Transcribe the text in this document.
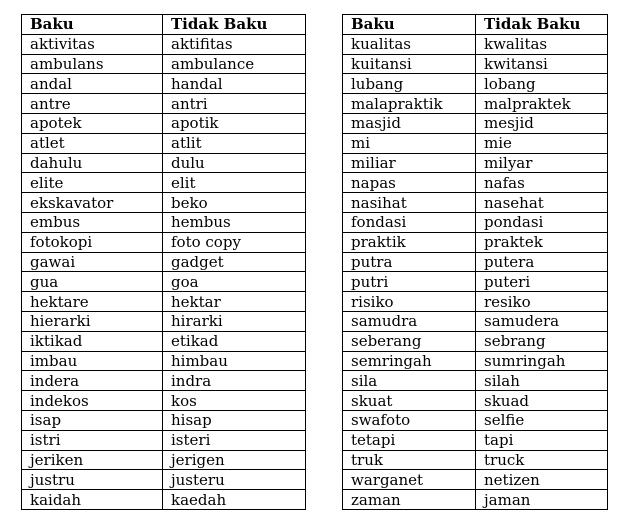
Baku	Tidak Baku		Baku	Tidak Baku
aktivitas	aktifitas		kualitas	kwalitas
ambulans	ambulance		kuitansi	kwitansi
andal	handal		lubang	lobang
antre	antri		malapraktik	malpraktek
apotek	apotik		masjid	mesjid
atlet	atlit		mi	mie
dahulu	dulu		miliar	milyar
elite	elit		napas	nafas
ekskavator	beko		nasihat	nasehat
embus	hembus		fondasi	pondasi
fotokopi	foto copy		praktik	praktek
gawai	gadget		putra	putera
gua	goa		putri	puteri
hektare	hektar		risiko	resiko
hierarki	hirarki		samudra	samudera
iktikad	etikad		seberang	sebrang
imbau	himbau		semringah	sumringah
indera	indra		sila	silah
indekos	kos		skuat	skuad
isap	hisap		swafoto	selfie
istri	isteri		tetapi	tapi
jeriken	jerigen		truk	truck
justru	justeru		warganet	netizen
kaidah	kaedah		zaman	jaman
